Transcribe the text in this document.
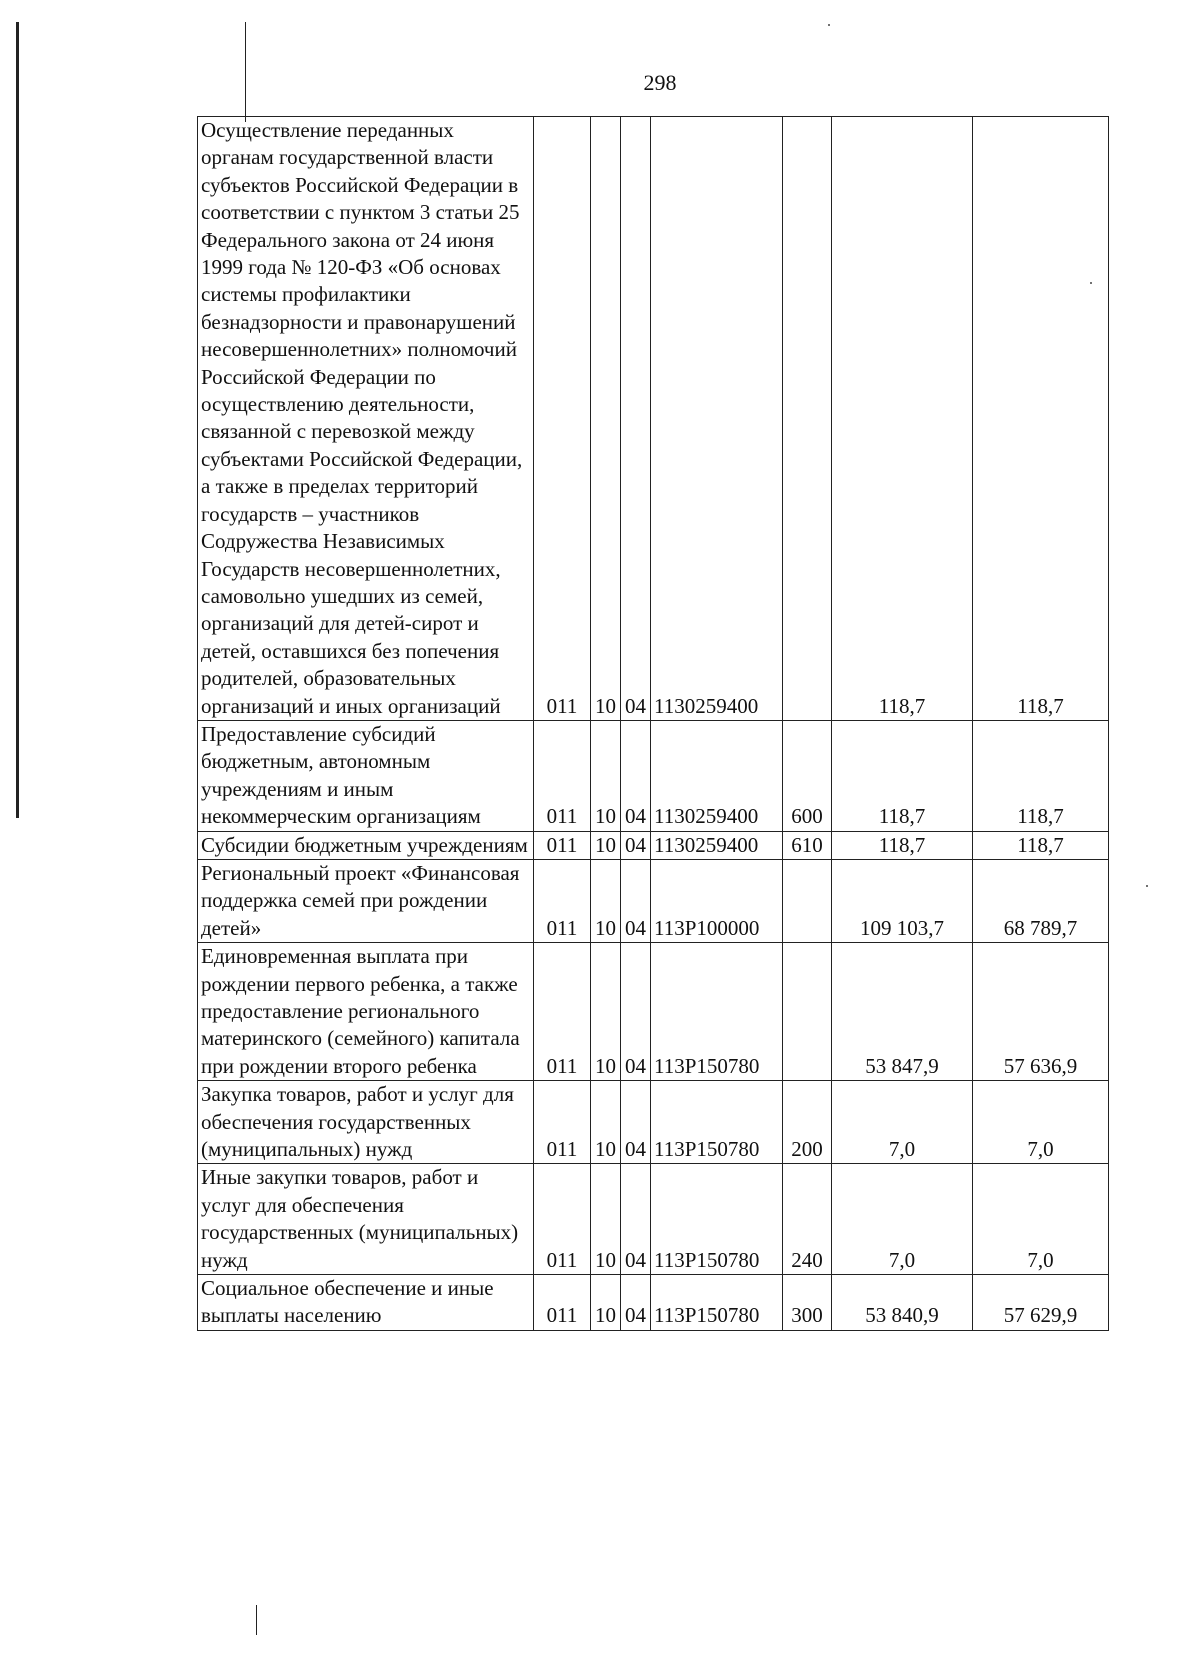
298
Осуществление переданных органам государственной власти субъектов Российской Федерации в соответствии с пунктом 3 статьи 25 Федерального закона от 24 июня 1999 года № 120-ФЗ «Об основах системы профилактики безнадзорности и правонарушений несовершеннолетних» полномочий Российской Федерации по осуществлению деятельности, связанной с перевозкой между субъектами Российской Федерации, а также в пределах территорий государств – участников Содружества Независимых Государств несовершеннолетних, самовольно ушедших из семей, организаций для детей-сирот и детей, оставшихся без попечения родителей, образовательных организаций и иных организаций	011	10	04	1130259400		118,7	118,7
Предоставление субсидий бюджетным, автономным учреждениям и иным некоммерческим организациям	011	10	04	1130259400	600	118,7	118,7
Субсидии бюджетным учреждениям	011	10	04	1130259400	610	118,7	118,7
Региональный проект «Финансовая поддержка семей при рождении детей»	011	10	04	113Р100000		109 103,7	68 789,7
Единовременная выплата при рождении первого ребенка, а также предоставление регионального материнского (семейного) капитала при рождении второго ребенка	011	10	04	113Р150780		53 847,9	57 636,9
Закупка товаров, работ и услуг для обеспечения государственных (муниципальных) нужд	011	10	04	113Р150780	200	7,0	7,0
Иные закупки товаров, работ и услуг для обеспечения государственных (муниципальных) нужд	011	10	04	113Р150780	240	7,0	7,0
Социальное обеспечение и иные выплаты населению	011	10	04	113Р150780	300	53 840,9	57 629,9
